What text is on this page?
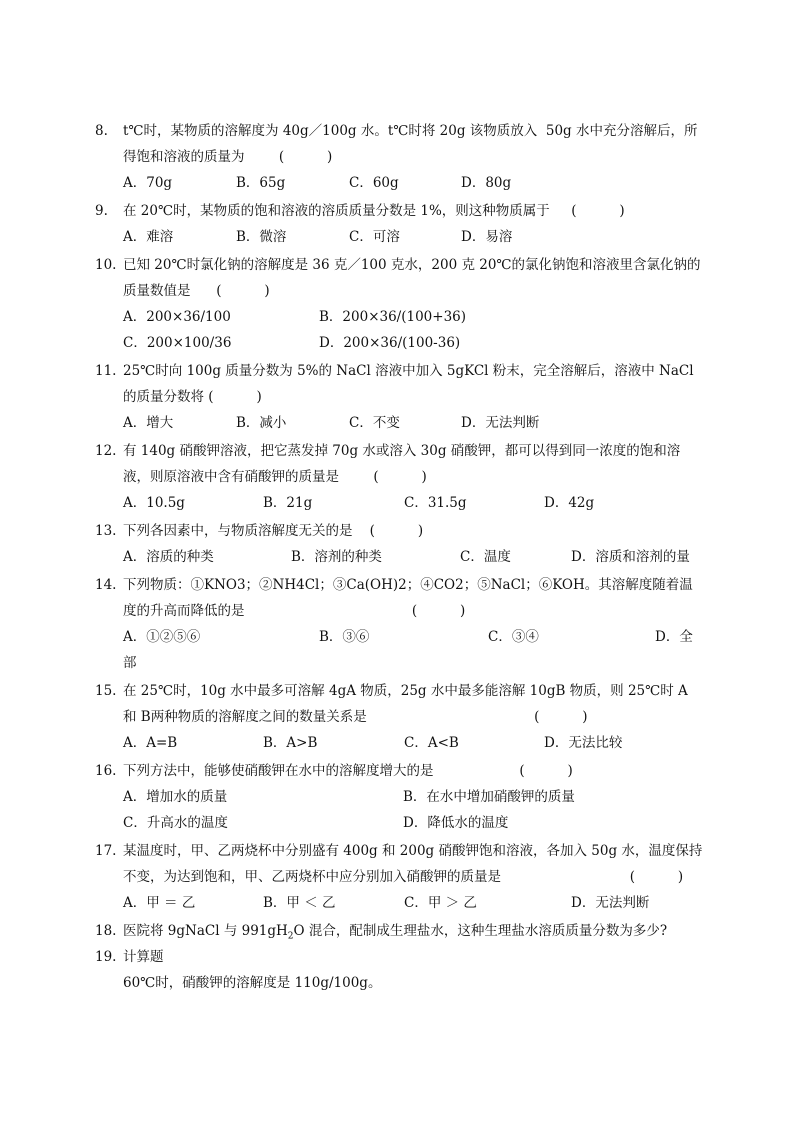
8.	t℃时，某物质的溶解度为 40g／100g 水。t℃时将 20g 该物质放入  50g 水中充分溶解后，所得饱和溶液的质量为        (          )
A．70g	B．65g	C．60g	D．80g
9.	在 20℃时，某物质的饱和溶液的溶质质量分数是 1%，则这种物质属于     (          )
A．难溶	B．微溶	C．可溶	D．易溶
10. 已知 20℃时氯化钠的溶解度是 36 克／100 克水，200 克 20℃的氯化钠饱和溶液里含氯化钠的质量数值是      (          )
A．200×36/100	B．200×36/(100+36)
C．200×100/36	D．200×36/(100-36)
11. 25℃时向 100g 质量分数为 5%的 NaCl 溶液中加入 5gKCl 粉末，完全溶解后，溶液中 NaCl 的质量分数将 (          )
A．增大	B．减小	C．不变	D．无法判断
12. 有 140g 硝酸钾溶液，把它蒸发掉 70g 水或溶入 30g 硝酸钾，都可以得到同一浓度的饱和溶液，则原溶液中含有硝酸钾的质量是        (          )
A．10.5g	B．21g	C．31.5g	D．42g
13. 下列各因素中，与物质溶解度无关的是    (          )
A．溶质的种类	B．溶剂的种类	C．温度	D．溶质和溶剂的量
14. 下列物质：①KNO3；②NH4Cl；③Ca(OH)2；④CO2；⑤NaCl；⑥KOH。其溶解度随着温度的升高而降低的是                                       (          )
A．①②⑤⑥	B．③⑥	C．③④	D．全
部
15. 在 25℃时，10g 水中最多可溶解 4gA 物质，25g 水中最多能溶解 10gB 物质，则 25℃时 A 和 B两种物质的溶解度之间的数量关系是                                       (          )
A．A=B	B．A>B	C．A<B	D．无法比较
16. 下列方法中，能够使硝酸钾在水中的溶解度增大的是                    (          )
A．增加水的质量	B．在水中增加硝酸钾的质量
C．升高水的温度	D．降低水的温度
17. 某温度时，甲、乙两烧杯中分别盛有 400g 和 200g 硝酸钾饱和溶液，各加入 50g 水，温度保持不变，为达到饱和，甲、乙两烧杯中应分别加入硝酸钾的质量是                              (          )
A．甲 ＝ 乙	B．甲 ＜ 乙	C．甲 ＞ 乙	D．无法判断
18. 医院将 9gNaCl 与 $991gH_2O$ 混合，配制成生理盐水，这种生理盐水溶质质量分数为多少?
19. 计算题
60℃时，硝酸钾的溶解度是 110g/100g。
